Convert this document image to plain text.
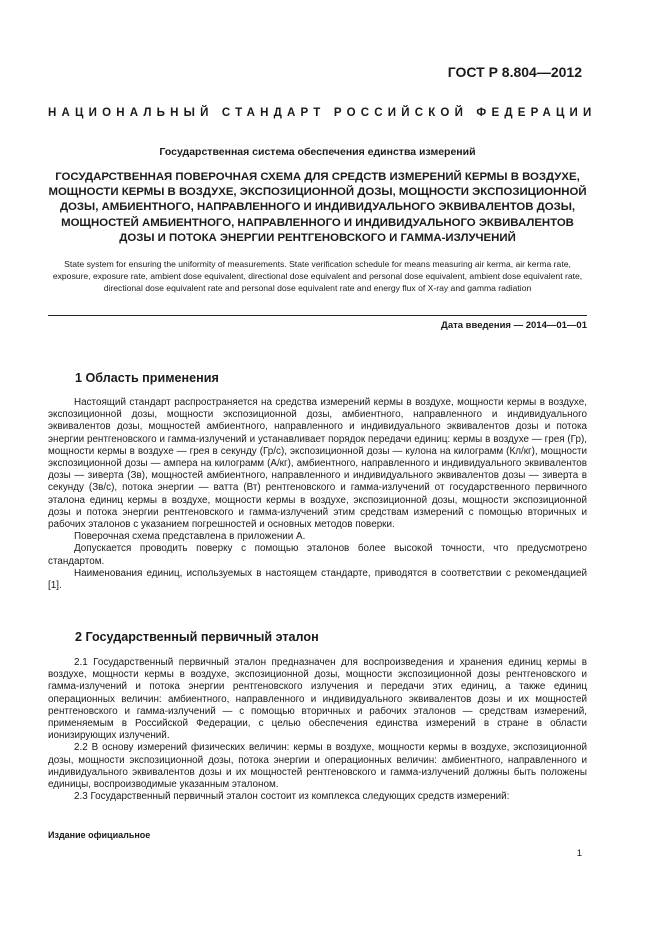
ГОСТ Р 8.804—2012
НАЦИОНАЛЬНЫЙ СТАНДАРТ РОССИЙСКОЙ ФЕДЕРАЦИИ
Государственная система обеспечения единства измерений
ГОСУДАРСТВЕННАЯ ПОВЕРОЧНАЯ СХЕМА ДЛЯ СРЕДСТВ ИЗМЕРЕНИЙ КЕРМЫ В ВОЗДУХЕ, МОЩНОСТИ КЕРМЫ В ВОЗДУХЕ, ЭКСПОЗИЦИОННОЙ ДОЗЫ, МОЩНОСТИ ЭКСПОЗИЦИОННОЙ ДОЗЫ, АМБИЕНТНОГО, НАПРАВЛЕННОГО И ИНДИВИДУАЛЬНОГО ЭКВИВАЛЕНТОВ ДОЗЫ, МОЩНОСТЕЙ АМБИЕНТНОГО, НАПРАВЛЕННОГО И ИНДИВИДУАЛЬНОГО ЭКВИВАЛЕНТОВ ДОЗЫ И ПОТОКА ЭНЕРГИИ РЕНТГЕНОВСКОГО И ГАММА-ИЗЛУЧЕНИЙ
State system for ensuring the uniformity of measurements. State verification schedule for means measuring air kerma, air kerma rate, exposure, exposure rate, ambient dose equivalent, directional dose equivalent and personal dose equivalent, ambient dose equivalent rate, directional dose equivalent rate and personal dose equivalent rate and energy flux of X-ray and gamma radiation
Дата введения — 2014—01—01
1 Область применения

Настоящий стандарт распространяется на средства измерений кермы в воздухе, мощности кермы в воздухе, экспозиционной дозы, мощности экспозиционной дозы, амбиентного, направленного и индивидуального эквивалентов дозы, мощностей амбиентного, направленного и индивидуального эквивалентов дозы и потока энергии рентгеновского и гамма-излучений и устанавливает порядок передачи единиц: кермы в воздухе — грея (Гр), мощности кермы в воздухе — грея в секунду (Гр/с), экспозиционной дозы — кулона на килограмм (Кл/кг), мощности экспозиционной дозы — ампера на килограмм (А/кг), амбиентного, направленного и индивидуального эквивалентов дозы — зиверта (Зв), мощностей амбиентного, направленного и индивидуального эквивалентов дозы — зиверта в секунду (Зв/с), потока энергии — ватта (Вт) рентгеновского и гамма-излучений от государственного первичного эталона единиц кермы в воздухе, мощности кермы в воздухе, экспозиционной дозы, мощности экспозиционной дозы и потока энергии рентгеновского и гамма-излучений этим средствам измерений с помощью вторичных и рабочих эталонов с указанием погрешностей и основных методов поверки.

Поверочная схема представлена в приложении А.

Допускается проводить поверку с помощью эталонов более высокой точности, что предусмотрено стандартом.

Наименования единиц, используемых в настоящем стандарте, приводятся в соответствии с рекомендацией [1].

2 Государственный первичный эталон

2.1 Государственный первичный эталон предназначен для воспроизведения и хранения единиц кермы в воздухе, мощности кермы в воздухе, экспозиционной дозы, мощности экспозиционной дозы рентгеновского и гамма-излучений и потока энергии рентгеновского излучения и передачи этих единиц, а также единиц операционных величин: амбиентного, направленного и индивидуального эквивалентов дозы и их мощностей рентгеновского и гамма-излучений — с помощью вторичных и рабочих эталонов — средствам измерений, применяемым в Российской Федерации, с целью обеспечения единства измерений в стране в области ионизирующих излучений.

2.2 В основу измерений физических величин: кермы в воздухе, мощности кермы в воздухе, экспозиционной дозы, мощности экспозиционной дозы, потока энергии и операционных величин: амбиентного, направленного и индивидуального эквивалентов дозы и их мощностей рентгеновского и гамма-излучений должны быть положены единицы, воспроизводимые указанным эталоном.

2.3 Государственный первичный эталон состоит из комплекса следующих средств измерений:

Издание официальное
1
